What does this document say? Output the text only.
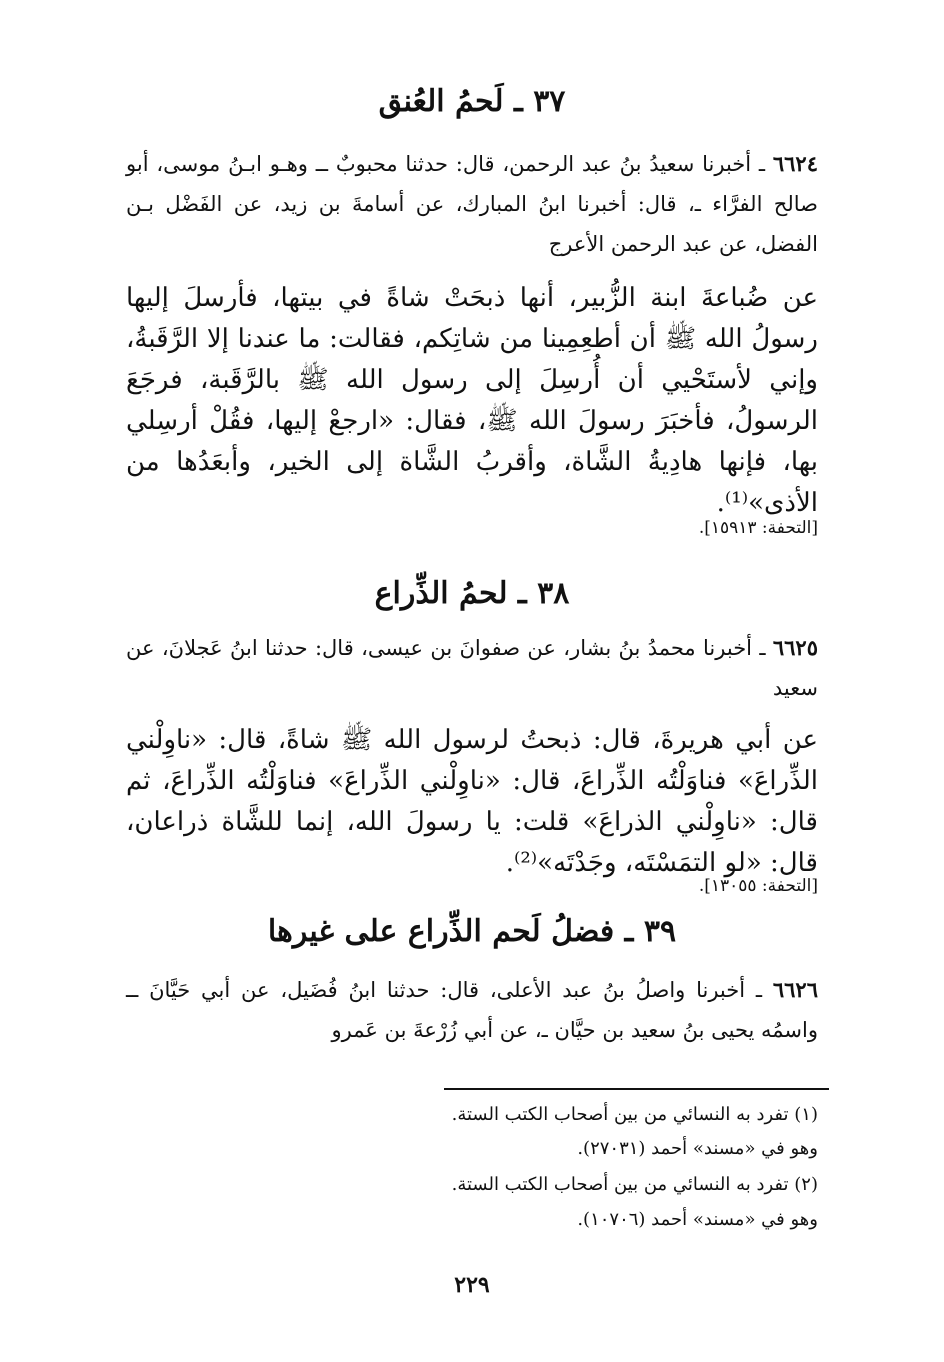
٣٧ ـ لَحمُ العُنق
٦٦٢٤ ـ أخبرنا سعيدُ بنُ عبد الرحمن، قال: حدثنا محبوبٌ ــ وهـو ابـنُ موسى، أبو صالح الفرَّاء ـ، قال: أخبرنا ابنُ المبارك، عن أسامةَ بن زيد، عن الفَضْل بـن الفضل، عن عبد الرحمن الأعرج
عن ضُباعةَ ابنة الزُّبير، أنها ذبحَتْ شاةً في بيتها، فأرسلَ إليها رسولُ الله ﷺ أن أطعِمِينا من شاتِكم، فقالت: ما عندنا إلا الرَّقَبةُ، وإني لأستَحْيي أن أُرسِلَ إلى رسول الله ﷺ بالرَّقَبة، فرجَعَ الرسولُ، فأخبَرَ رسولَ الله ﷺ، فقال: «ارجعْ إليها، فقُلْ أرسِلي بها، فإنها هادِيةُ الشَّاة، وأقربُ الشَّاة إلى الخير، وأبعَدُها من الأذى»⁽¹⁾.
[التحفة: ١٥٩١٣].
٣٨ ـ لحمُ الذِّراع
٦٦٢٥ ـ أخبرنا محمدُ بنُ بشار، عن صفوانَ بن عيسى، قال: حدثنا ابنُ عَجلانَ، عن سعيد
عن أبي هريرةَ، قال: ذبحتُ لرسول الله ﷺ شاةً، قال: «ناوِلْني الذِّراعَ» فناوَلْتُه الذِّراعَ، قال: «ناوِلْني الذِّراعَ» فناوَلْتُه الذِّراعَ، ثم قال: «ناوِلْني الذراعَ» قلت: يا رسولَ الله، إنما للشَّاة ذراعان، قال: «لو التمَسْتَه، وجَدْتَه»⁽²⁾.
[التحفة: ١٣٠٥٥].
٣٩ ـ فضلُ لَحم الذِّراع على غيرها
٦٦٢٦ ـ أخبرنا واصلُ بنُ عبد الأعلى، قال: حدثنا ابنُ فُضَيل، عن أبي حَيَّانَ ــ واسمُه يحيى بنُ سعيد بن حيَّان ـ، عن أبي زُرْعةَ بن عَمرو
(١) تفرد به النسائي من بين أصحاب الكتب الستة.
وهو في «مسند» أحمد (٢٧٠٣١).
(٢) تفرد به النسائي من بين أصحاب الكتب الستة.
وهو في «مسند» أحمد (١٠٧٠٦).
٢٢٩
